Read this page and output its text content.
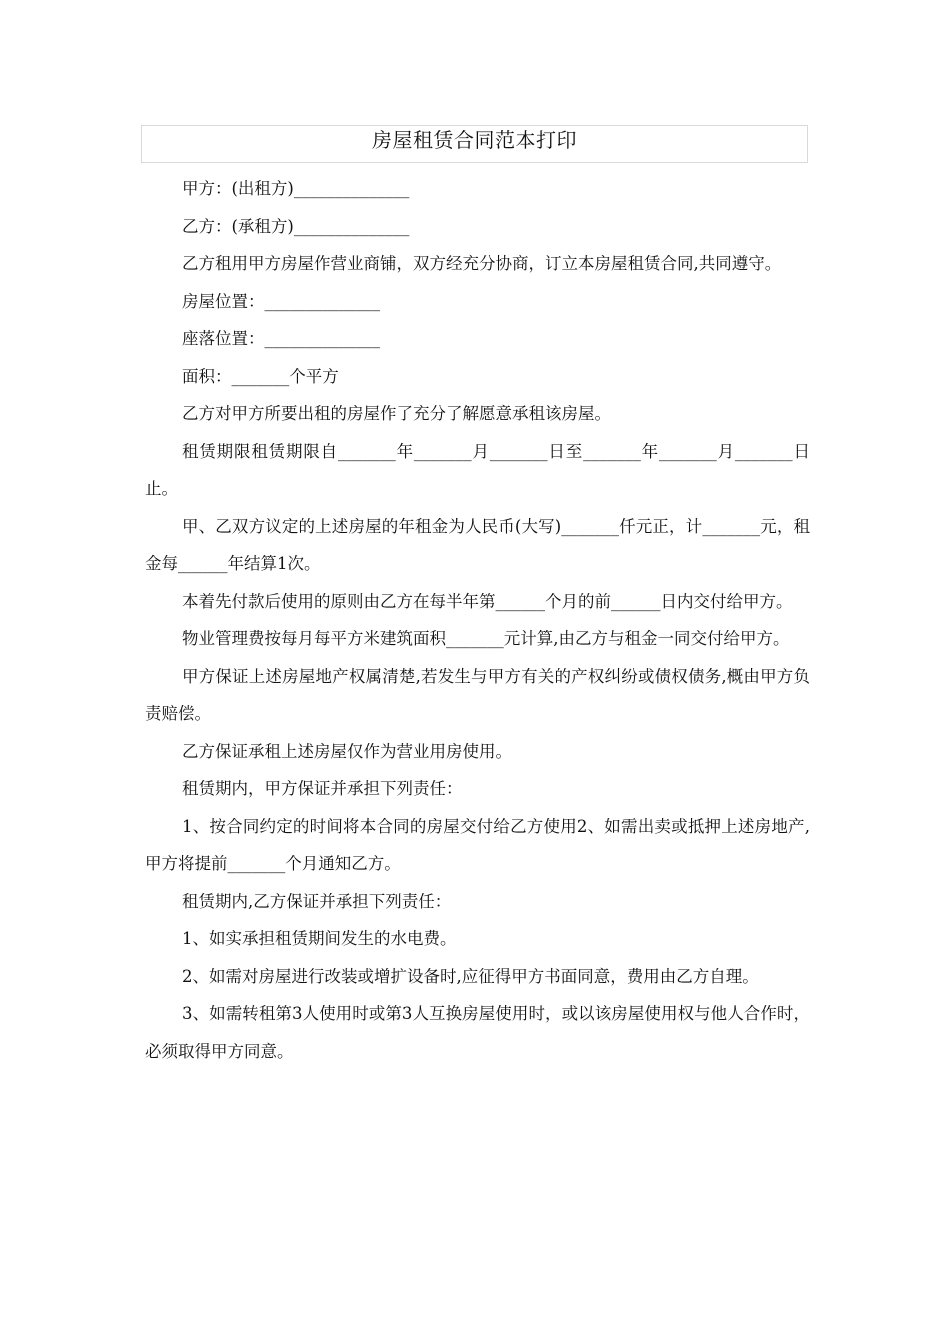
房屋租赁合同范本打印

甲方：(出租方)______________

乙方：(承租方)______________

乙方租用甲方房屋作营业商铺，双方经充分协商，订立本房屋租赁合同,共同遵守。

房屋位置：______________

座落位置：______________

面积：_______个平方

乙方对甲方所要出租的房屋作了充分了解愿意承租该房屋。

租赁期限租赁期限自_______年_______月_______日至_______年_______月_______日止。

甲、乙双方议定的上述房屋的年租金为人民币(大写)_______仟元正，计_______元，租金每______年结算1次。

本着先付款后使用的原则由乙方在每半年第______个月的前______日内交付给甲方。

物业管理费按每月每平方米建筑面积_______元计算,由乙方与租金一同交付给甲方。

甲方保证上述房屋地产权属清楚,若发生与甲方有关的产权纠纷或债权债务,概由甲方负责赔偿。

乙方保证承租上述房屋仅作为营业用房使用。

租赁期内，甲方保证并承担下列责任：

1、按合同约定的时间将本合同的房屋交付给乙方使用2、如需出卖或抵押上述房地产,甲方将提前_______个月通知乙方。

租赁期内,乙方保证并承担下列责任：

1、如实承担租赁期间发生的水电费。

2、如需对房屋进行改装或增扩设备时,应征得甲方书面同意，费用由乙方自理。

3、如需转租第3人使用时或第3人互换房屋使用时，或以该房屋使用权与他人合作时，必须取得甲方同意。
